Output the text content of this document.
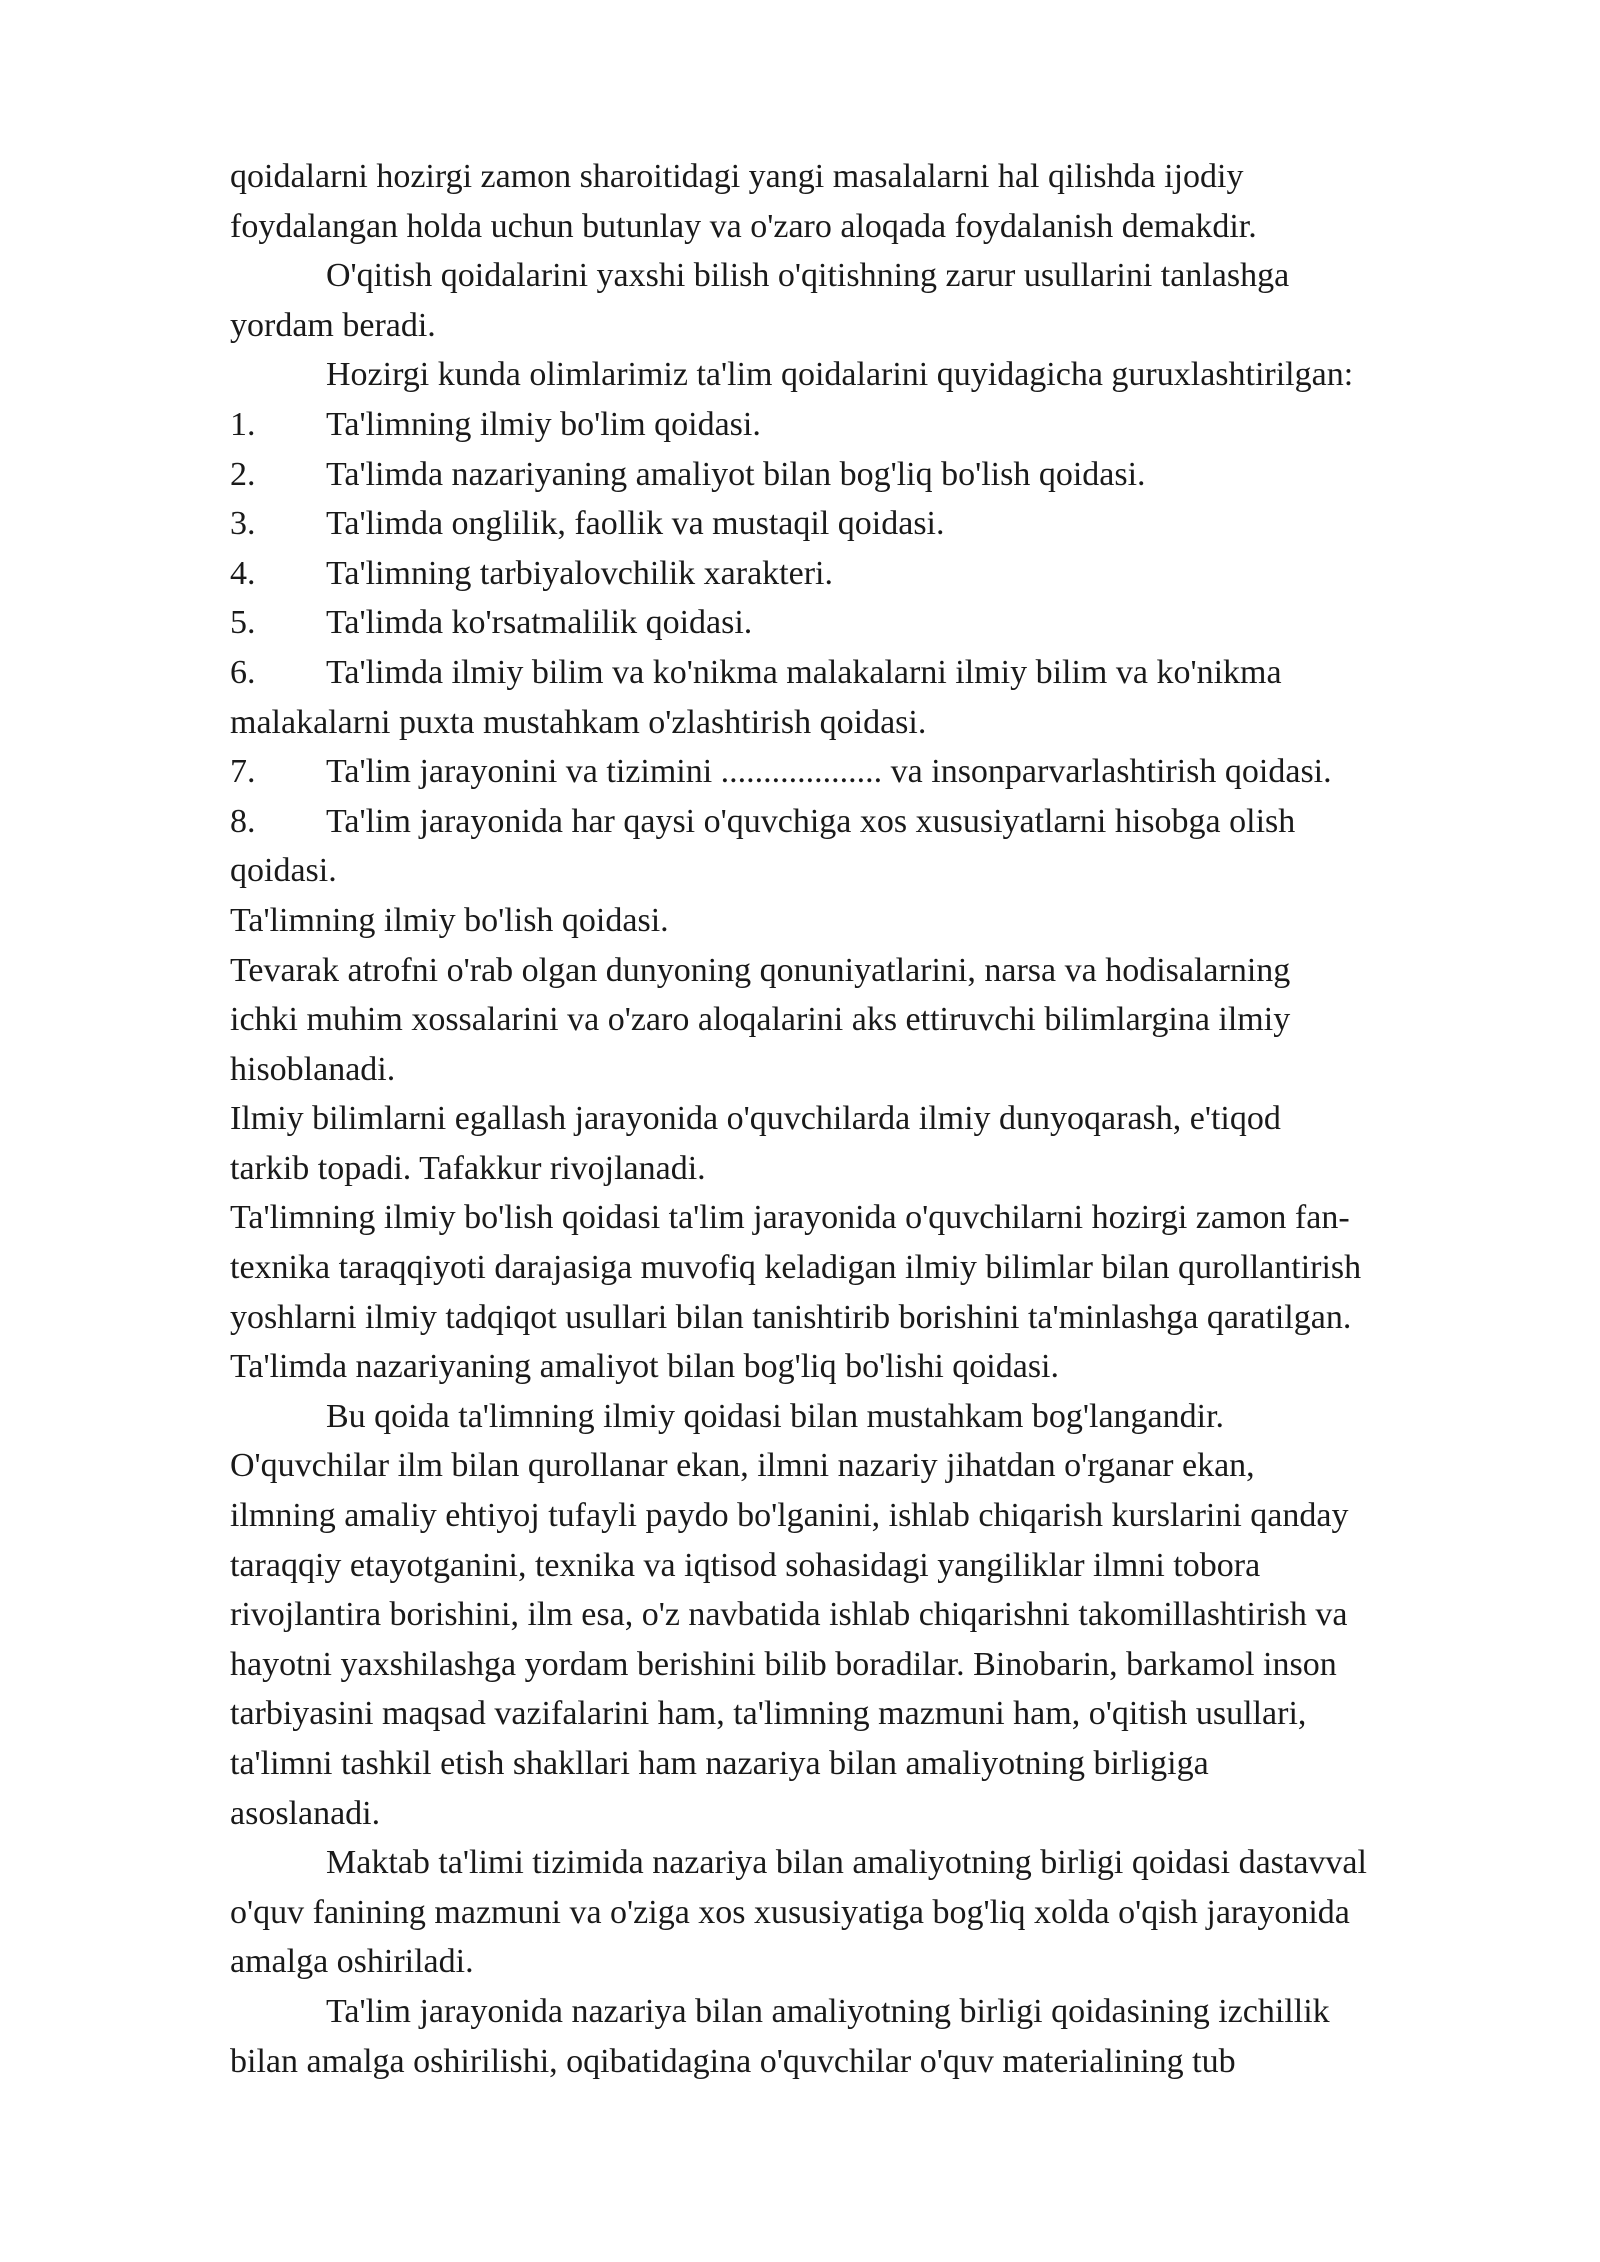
qoidalarni hozirgi zamon sharoitidagi yangi masalalarni hal qilishda ijodiy
foydalangan holda uchun butunlay va o'zaro aloqada foydalanish demakdir.
O'qitish qoidalarini yaxshi bilish o'qitishning zarur usullarini tanlashga
yordam beradi.
Hozirgi kunda olimlarimiz ta'lim qoidalarini quyidagicha guruxlashtirilgan:
1.	Ta'limning ilmiy bo'lim qoidasi.
2.	Ta'limda nazariyaning amaliyot bilan bog'liq bo'lish qoidasi.
3.	Ta'limda onglilik, faollik va mustaqil qoidasi.
4.	Ta'limning tarbiyalovchilik xarakteri.
5.	Ta'limda ko'rsatmalilik qoidasi.
6.	Ta'limda ilmiy bilim va ko'nikma malakalarni ilmiy bilim va ko'nikma
malakalarni puxta mustahkam o'zlashtirish qoidasi.
7.	Ta'lim jarayonini va tizimini ................... va insonparvarlashtirish qoidasi.
8.	Ta'lim jarayonida har qaysi o'quvchiga xos xususiyatlarni hisobga olish
qoidasi.
Ta'limning ilmiy bo'lish qoidasi.
Tevarak atrofni o'rab olgan dunyoning qonuniyatlarini, narsa va hodisalarning
ichki muhim xossalarini va o'zaro aloqalarini aks ettiruvchi bilimlargina ilmiy
hisoblanadi.
Ilmiy bilimlarni egallash jarayonida o'quvchilarda ilmiy dunyoqarash, e'tiqod
tarkib topadi. Tafakkur rivojlanadi.
Ta'limning ilmiy bo'lish qoidasi ta'lim jarayonida o'quvchilarni hozirgi zamon fan-
texnika taraqqiyoti darajasiga muvofiq keladigan ilmiy bilimlar bilan qurollantirish
yoshlarni ilmiy tadqiqot usullari bilan tanishtirib borishini ta'minlashga qaratilgan.
Ta'limda nazariyaning amaliyot bilan bog'liq bo'lishi qoidasi.
Bu qoida ta'limning ilmiy qoidasi bilan mustahkam bog'langandir.
O'quvchilar ilm bilan qurollanar ekan, ilmni nazariy jihatdan o'rganar ekan,
ilmning amaliy ehtiyoj tufayli paydo bo'lganini, ishlab chiqarish kurslarini qanday
taraqqiy etayotganini, texnika va iqtisod sohasidagi yangiliklar ilmni tobora
rivojlantira borishini, ilm esa, o'z navbatida ishlab chiqarishni takomillashtirish va
hayotni yaxshilashga yordam berishini bilib boradilar. Binobarin, barkamol inson
tarbiyasini maqsad vazifalarini ham, ta'limning mazmuni ham, o'qitish usullari,
ta'limni tashkil etish shakllari ham nazariya bilan amaliyotning birligiga
asoslanadi.
Maktab ta'limi tizimida nazariya bilan amaliyotning birligi qoidasi dastavval
o'quv fanining mazmuni va o'ziga xos xususiyatiga bog'liq xolda o'qish jarayonida
amalga oshiriladi.
Ta'lim jarayonida nazariya bilan amaliyotning birligi qoidasining izchillik
bilan amalga oshirilishi, oqibatidagina o'quvchilar o'quv materialining tub
